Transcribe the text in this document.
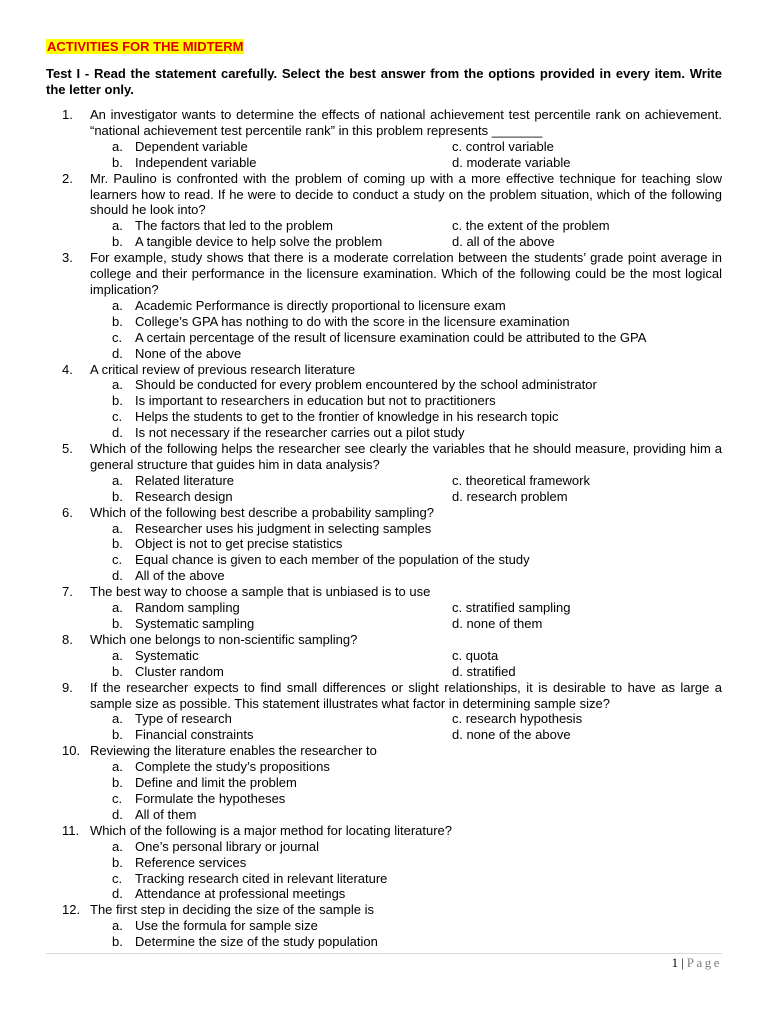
ACTIVITIES FOR THE MIDTERM

Test I - Read the statement carefully. Select the best answer from the options provided in every item. Write the letter only.

1.	An investigator wants to determine the effects of national achievement test percentile rank on achievement. “national achievement test percentile rank” in this problem represents _______

a. Dependent variable	c. control variable
b. Independent variable	d. moderate variable
2.	Mr. Paulino is confronted with the problem of coming up with a more effective technique for teaching slow learners how to read. If he were to decide to conduct a study on the problem situation, which of the following should he look into?

a. The factors that led to the problem	c. the extent of the problem
b. A tangible device to help solve the problem	d. all of the above
3.	For example, study shows that there is a moderate correlation between the students’ grade point average in college and their performance in the licensure examination. Which of the following could be the most logical implication?

a. Academic Performance is directly proportional to licensure exam
b. College’s GPA has nothing to do with the score in the licensure examination
c. A certain percentage of the result of licensure examination could be attributed to the GPA
d. None of the above
4.	A critical review of previous research literature

a. Should be conducted for every problem encountered by the school administrator
b. Is important to researchers in education but not to practitioners
c. Helps the students to get to the frontier of knowledge in his research topic
d. Is not necessary if the researcher carries out a pilot study
5.	Which of the following helps the researcher see clearly the variables that he should measure, providing him a general structure that guides him in data analysis?

a. Related literature	c. theoretical framework
b. Research design	d. research problem
6.	Which of the following best describe a probability sampling?

a. Researcher uses his judgment in selecting samples
b. Object is not to get precise statistics
c. Equal chance is given to each member of the population of the study
d. All of the above
7.	The best way to choose a sample that is unbiased is to use

a. Random sampling	c. stratified sampling
b. Systematic sampling	d. none of them
8.	Which one belongs to non-scientific sampling?

a. Systematic	c. quota
b. Cluster random	d. stratified
9.	If the researcher expects to find small differences or slight relationships, it is desirable to have as large a sample size as possible. This statement illustrates what factor in determining sample size?

a. Type of research	c. research hypothesis
b. Financial constraints	d. none of the above
10. Reviewing the literature enables the researcher to

a. Complete the study’s propositions
b. Define and limit the problem
c. Formulate the hypotheses
d. All of them
11. Which of the following is a major method for locating literature?

a. One’s personal library or journal
b. Reference services
c. Tracking research cited in relevant literature
d. Attendance at professional meetings
12. The first step in deciding the size of the sample is

a. Use the formula for sample size
b. Determine the size of the study population
1 | Page
